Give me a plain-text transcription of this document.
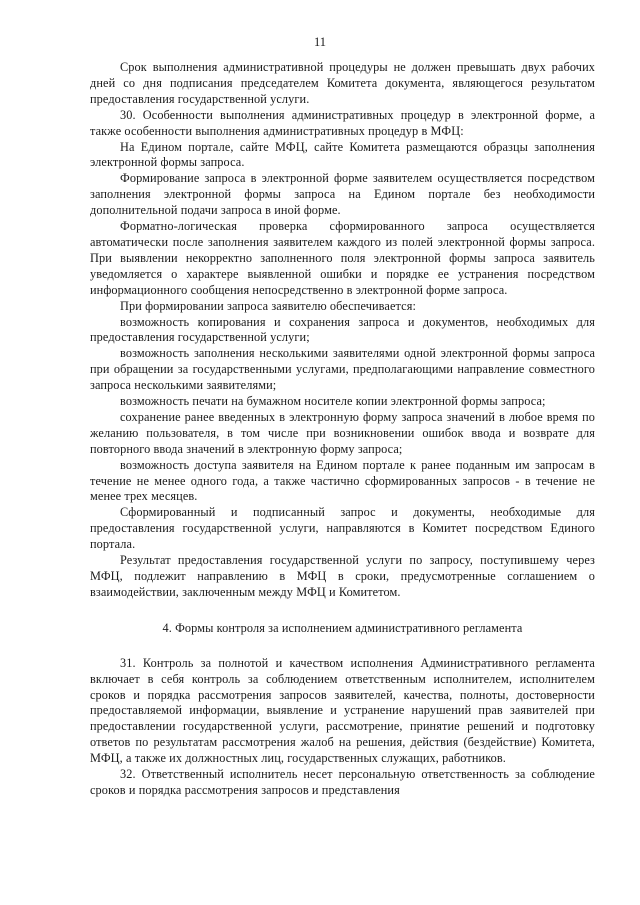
11

Срок выполнения административной процедуры не должен превышать двух рабочих дней со дня подписания председателем Комитета документа, являющегося результатом предоставления государственной услуги.

30. Особенности выполнения административных процедур в электронной форме, а также особенности выполнения административных процедур в МФЦ:

На Едином портале, сайте МФЦ, сайте Комитета размещаются образцы заполнения электронной формы запроса.

Формирование запроса в электронной форме заявителем осуществляется посредством заполнения электронной формы запроса на Едином портале без необходимости дополнительной подачи запроса в иной форме.

Форматно-логическая проверка сформированного запроса осуществляется автоматически после заполнения заявителем каждого из полей электронной формы запроса. При выявлении некорректно заполненного поля электронной формы запроса заявитель уведомляется о характере выявленной ошибки и порядке ее устранения посредством информационного сообщения непосредственно в электронной форме запроса.

При формировании запроса заявителю обеспечивается:

возможность копирования и сохранения запроса и документов, необходимых для предоставления государственной услуги;

возможность заполнения несколькими заявителями одной электронной формы запроса при обращении за государственными услугами, предполагающими направление совместного запроса несколькими заявителями;

возможность печати на бумажном носителе копии электронной формы запроса;

сохранение ранее введенных в электронную форму запроса значений в любое время по желанию пользователя, в том числе при возникновении ошибок ввода и возврате для повторного ввода значений в электронную форму запроса;

возможность доступа заявителя на Едином портале к ранее поданным им запросам в течение не менее одного года, а также частично сформированных запросов - в течение не менее трех месяцев.

Сформированный и подписанный запрос и документы, необходимые для предоставления государственной услуги, направляются в Комитет посредством Единого портала.

Результат предоставления государственной услуги по запросу, поступившему через МФЦ, подлежит направлению в МФЦ в сроки, предусмотренные соглашением о взаимодействии, заключенным между МФЦ и Комитетом.

4. Формы контроля за исполнением административного регламента

31. Контроль за полнотой и качеством исполнения Административного регламента включает в себя контроль за соблюдением ответственным исполнителем, исполнителем сроков и порядка рассмотрения запросов заявителей, качества, полноты, достоверности предоставляемой информации, выявление и устранение нарушений прав заявителей при предоставлении государственной услуги, рассмотрение, принятие решений и подготовку ответов по результатам рассмотрения жалоб на решения, действия (бездействие) Комитета, МФЦ, а также их должностных лиц, государственных служащих, работников.

32. Ответственный исполнитель несет персональную ответственность за соблюдение сроков и порядка рассмотрения запросов и представления
